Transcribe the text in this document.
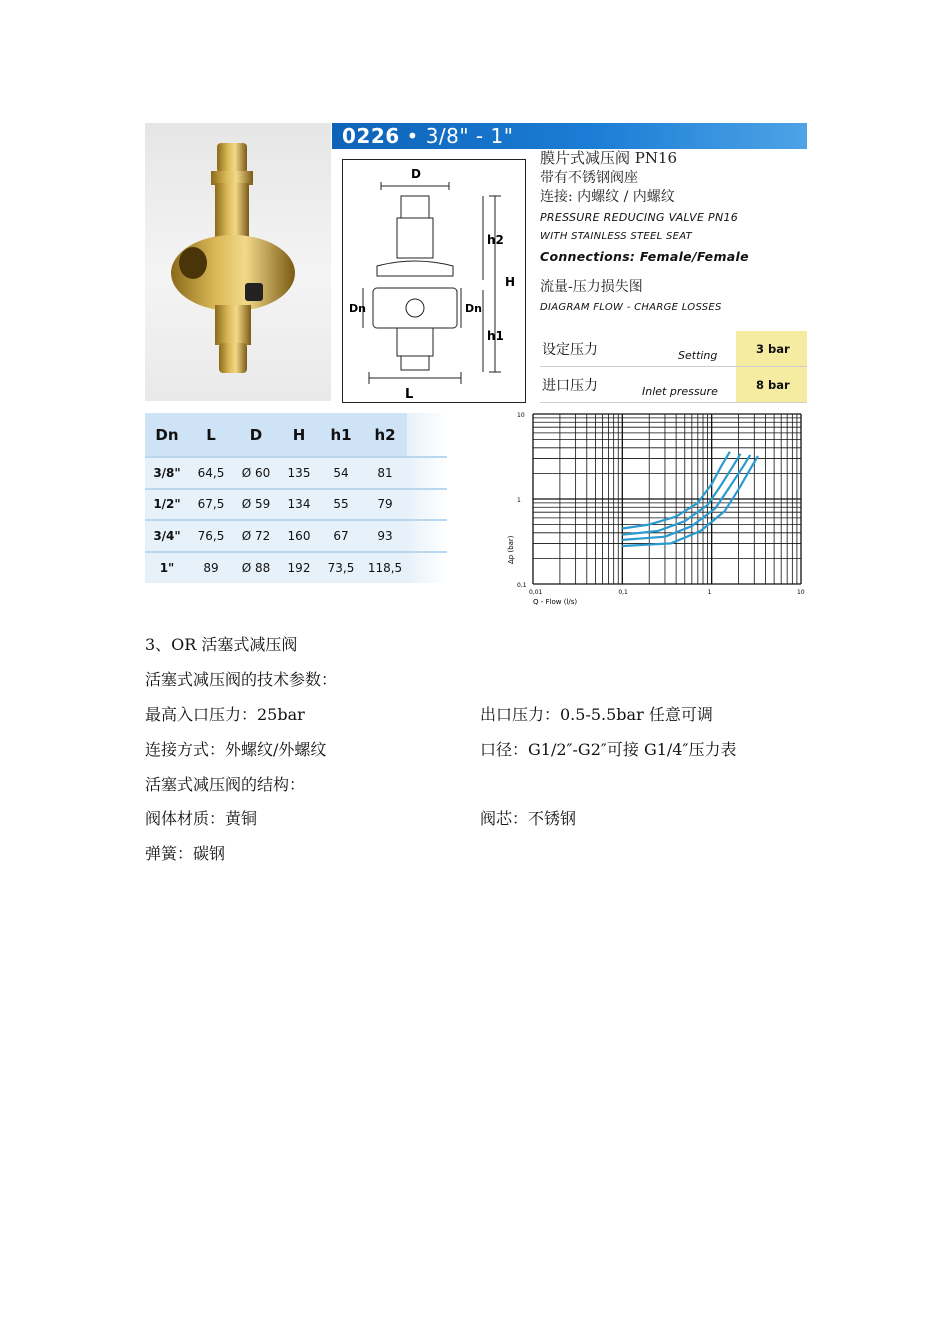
0226 • 3/8" - 1"
D
L
H
h2
h1
Dn	Dn
膜片式减压阀 PN16
带有不锈钢阀座
连接: 内螺纹 / 内螺纹
PRESSURE REDUCING VALVE PN16
WITH STAINLESS STEEL SEAT
Connections: Female/Female
流量-压力损失图
DIAGRAM FLOW - CHARGE LOSSES
设定压力	Setting	3 bar
进口压力	Inlet pressure	8 bar
Dn	L	D	H	h1	h2	
3/8"	64,5	Ø 60	135	54	81	
1/2"	67,5	Ø 59	134	55	79	
3/4"	76,5	Ø 72	160	67	93	
1"	89	Ø 88	192	73,5	118,5	
0,01	0,1	1	10
10
1
0,1
Q - Flow (l/s)
Δp (bar)
3、OR 活塞式减压阀
活塞式减压阀的技术参数：
最高入口压力：25bar	出口压力：0.5-5.5bar 任意可调
连接方式：外螺纹/外螺纹	口径：G1/2″-G2″可接 G1/4″压力表
活塞式减压阀的结构：
阀体材质：黄铜	阀芯：不锈钢
弹簧：碳钢
